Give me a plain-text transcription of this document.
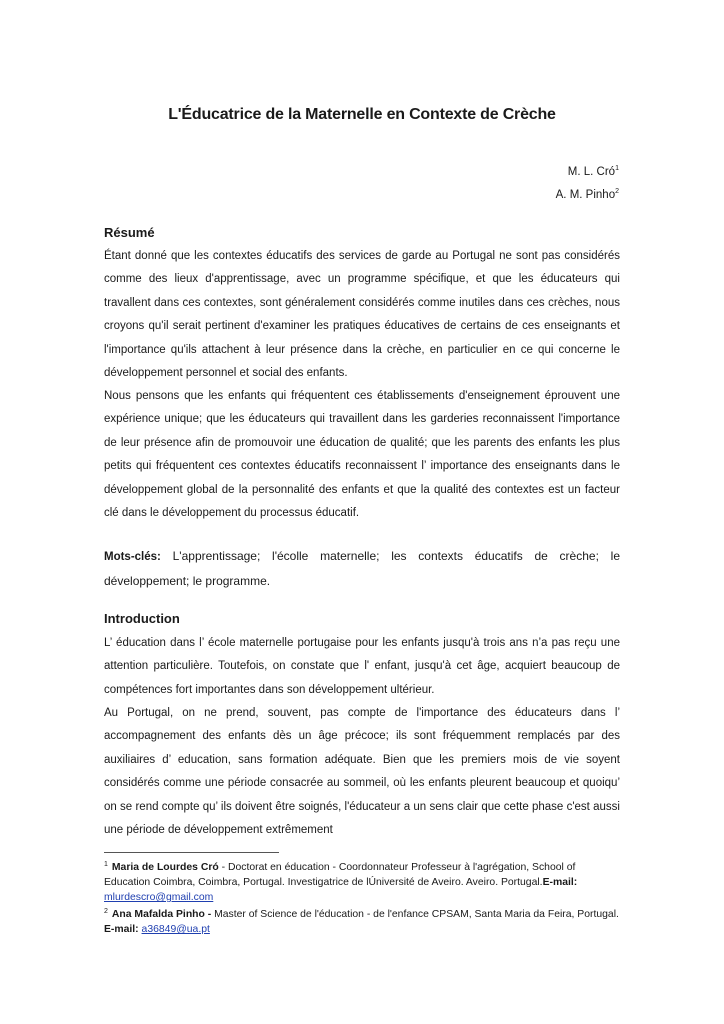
L'Éducatrice de la Maternelle en Contexte de Crèche
M. L. Cró$^1$
A. M. Pinho$^2$
Résumé

Étant donné que les contextes éducatifs des services de garde au Portugal ne sont pas considérés comme des lieux d'apprentissage, avec un programme spécifique, et que les éducateurs qui travallent dans ces contextes, sont généralement considérés comme inutiles dans ces crèches, nous croyons qu'il serait pertinent d'examiner les pratiques éducatives de certains de ces enseignants et l'importance qu'ils attachent à leur présence dans la crèche, en particulier en ce qui concerne le développement personnel et social des enfants.

Nous pensons que les enfants qui fréquentent ces établissements d'enseignement éprouvent une expérience unique; que les éducateurs qui travaillent dans les garderies reconnaissent l'importance de leur présence afin de promouvoir une éducation de qualité; que les parents des enfants les plus petits qui fréquentent ces contextes éducatifs reconnaissent l’ importance des enseignants dans le développement global de la personnalité des enfants et que la qualité des contextes est un facteur clé dans le développement du processus éducatif.

Mots-clés: L'apprentissage; l'écolle maternelle; les contexts éducatifs de crèche; le développement; le programme.

Introduction

L’ éducation dans l’ école maternelle portugaise pour les enfants jusqu'à trois ans n’a pas reçu une attention particulière. Toutefois, on constate que l' enfant, jusqu'à cet âge, acquiert beaucoup de compétences fort importantes dans son développement ultérieur.

Au Portugal, on ne prend, souvent, pas compte de l'importance des éducateurs dans l’ accompagnement des enfants dès un âge précoce; ils sont fréquemment remplacés par des auxiliaires d’ education, sans formation adéquate. Bien que les premiers mois de vie soyent considérés comme une période consacrée au sommeil, où les enfants pleurent beaucoup et quoiqu’ on se rend compte qu’ ils doivent être soignés, l'éducateur a un sens clair que cette phase c'est aussi une période de développement extrêmement

$^1$ Maria de Lourdes Cró - Doctorat en éducation - Coordonnateur Professeur à l'agrégation, School of Education Coimbra, Coimbra, Portugal. Investigatrice de lÚniversité de Aveiro. Aveiro. Portugal.E-mail: mlurdescro@gmail.com

$^2$ Ana Mafalda Pinho - Master of Science de l'éducation - de l'enfance CPSAM, Santa Maria da Feira, Portugal.
E-mail: a36849@ua.pt
